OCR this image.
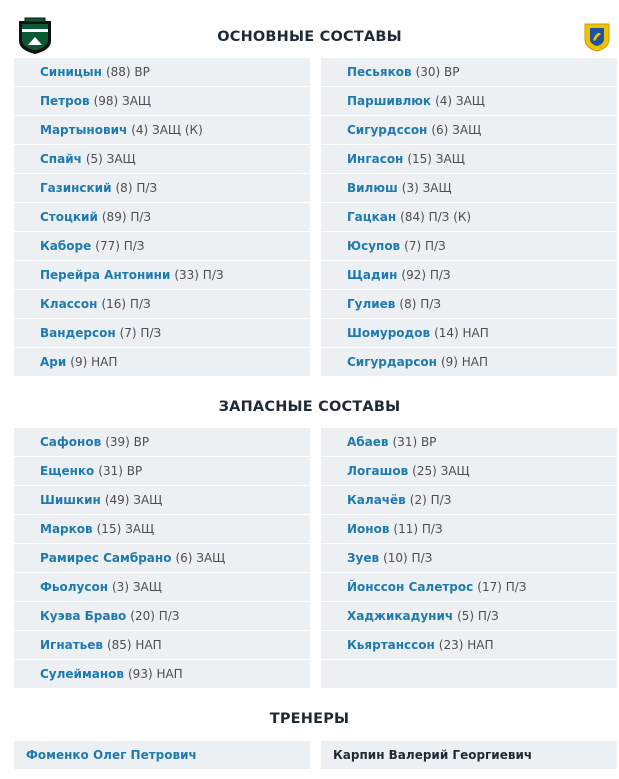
ОСНОВНЫЕ СОСТАВЫ
ЗАПАСНЫЕ СОСТАВЫ
ТРЕНЕРЫ
Синицын (88) ВР
Петров (98) ЗАЩ
Мартынович (4) ЗАЩ (К)
Спайч (5) ЗАЩ
Газинский (8) П/З
Стоцкий (89) П/З
Каборе (77) П/З
Перейра Антонини (33) П/З
Классон (16) П/З
Вандерсон (7) П/З
Ари (9) НАП
Песьяков (30) ВР
Паршивлюк (4) ЗАЩ
Сигурдссон (6) ЗАЩ
Ингасон (15) ЗАЩ
Вилюш (3) ЗАЩ
Гацкан (84) П/З (К)
Юсупов (7) П/З
Щадин (92) П/З
Гулиев (8) П/З
Шомуродов (14) НАП
Сигурдарсон (9) НАП
Сафонов (39) ВР
Ещенко (31) ВР
Шишкин (49) ЗАЩ
Марков (15) ЗАЩ
Рамирес Самбрано (6) ЗАЩ
Фьолусон (3) ЗАЩ
Куэва Браво (20) П/З
Игнатьев (85) НАП
Сулейманов (93) НАП
Абаев (31) ВР
Логашов (25) ЗАЩ
Калачёв (2) П/З
Ионов (11) П/З
Зуев (10) П/З
Йонссон Салетрос (17) П/З
Хаджикадунич (5) П/З
Кьяртанссон (23) НАП
Фоменко Олег Петрович	Карпин Валерий Георгиевич
